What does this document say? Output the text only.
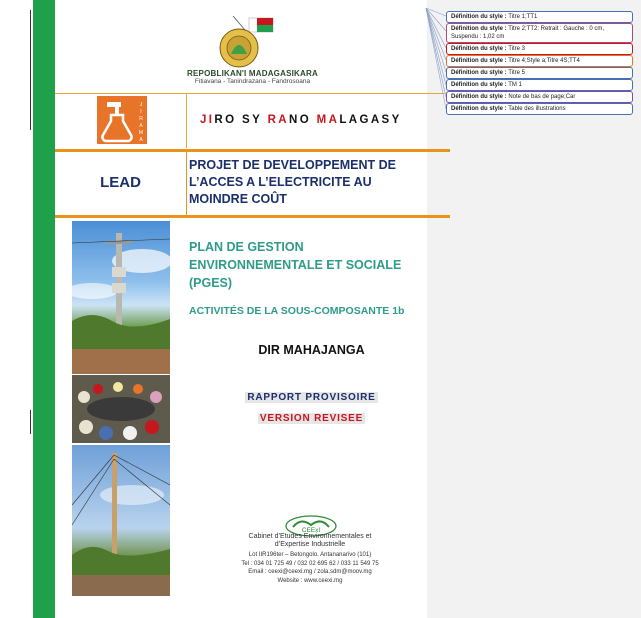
REPOBLIKAN'I MADAGASIKARA
Fitiavana - Tanindrazana - Fandrosoana
J
I
R
A
M
A
JIRO SY RANO MALAGASY
LEAD
PROJET DE DEVELOPPEMENT DE L’ACCES A L’ELECTRICITE AU MOINDRE COÛT
PLAN DE GESTION ENVIRONNEMENTALE ET SOCIALE (PGES)
ACTIVITÉS DE LA SOUS-COMPOSANTE 1b
DIR MAHAJANGA
RAPPORT PROVISOIRE
VERSION REVISEE
CEExI
Cabinet d’Etudes Environnementales et
d’Expertise Industrielle
Lot IIR196ter – Betongolo. Antananarivo (101)
Tel : 034 01 725 49 / 032 02 695 62 / 033 11 549 75
Email : ceexi@ceexi.mg / zola.sdm@moov.mg
Website : www.ceexi.mg
Définition du style : Titre 1;TT1
Définition du style : Titre 2;TT2: Retrait : Gauche : 0 cm, Suspendu : 1,02 cm
Définition du style : Titre 3
Définition du style : Titre 4;Style a;Titre 4S;TT4
Définition du style : Titre 5
Définition du style : TM 1
Définition du style : Note de bas de page;Car
Définition du style : Table des illustrations
